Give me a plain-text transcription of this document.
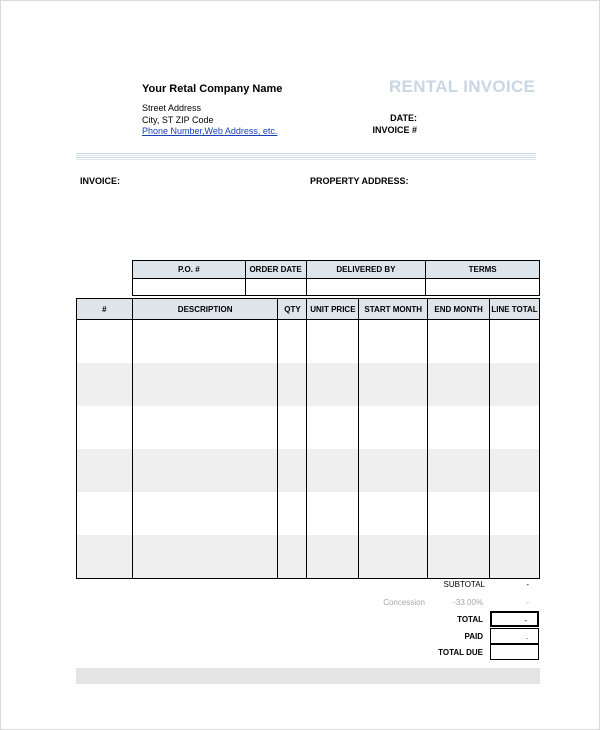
Your Retal Company Name
Street Address
City, ST ZIP Code
Phone Number,Web Address, etc.
RENTAL INVOICE
DATE:
INVOICE #
INVOICE:	PROPERTY ADDRESS:
P.O. #	ORDER DATE	DELIVERED BY	TERMS

#	DESCRIPTION	QTY	UNIT PRICE	START MONTH	END MONTH	LINE TOTAL

SUBTOTAL	-
Concession	-33.00%	-
TOTAL	-
PAID	.
TOTAL DUE
